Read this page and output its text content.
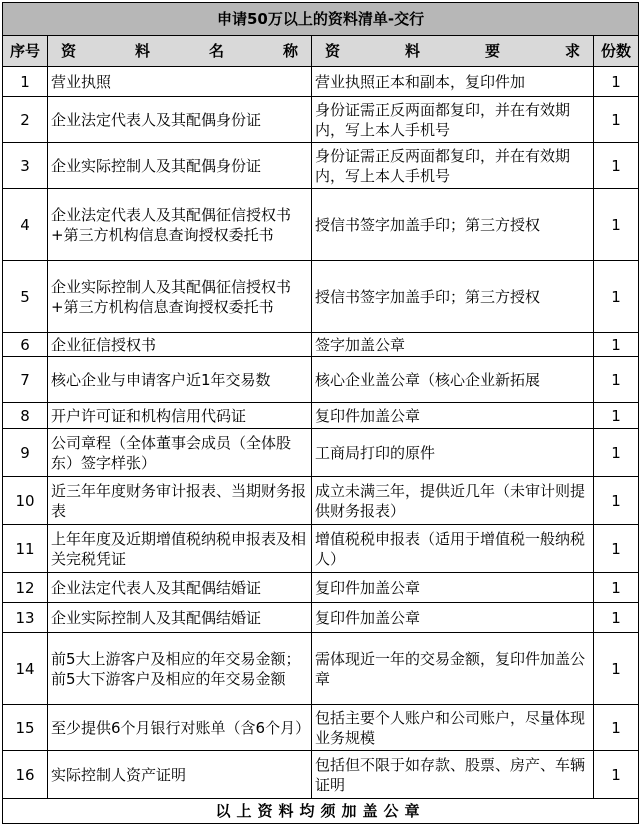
申请50万以上的资料清单-交行			
序号	资 料 名 称	资 料 要 求	份数
1	营业执照	营业执照正本和副本，复印件加	1
2	企业法定代表人及其配偶身份证	身份证需正反两面都复印，并在有效期内，写上本人手机号	1
3	企业实际控制人及其配偶身份证	身份证需正反两面都复印，并在有效期内，写上本人手机号	1
4	企业法定代表人及其配偶征信授权书+第三方机构信息查询授权委托书	授信书签字加盖手印；第三方授权	1
5	企业实际控制人及其配偶征信授权书+第三方机构信息查询授权委托书	授信书签字加盖手印；第三方授权	1
6	企业征信授权书	签字加盖公章	1
7	核心企业与申请客户近1年交易数	核心企业盖公章（核心企业新拓展	1
8	开户许可证和机构信用代码证	复印件加盖公章	1
9	公司章程（全体董事会成员（全体股东）签字样张）	工商局打印的原件	1
10	近三年年度财务审计报表、当期财务报表	成立未满三年，提供近几年（未审计则提供财务报表）	1
11	上年年度及近期增值税纳税申报表及相关完税凭证	增值税税申报表（适用于增值税一般纳税人）	1
12	企业法定代表人及其配偶结婚证	复印件加盖公章	1
13	企业实际控制人及其配偶结婚证	复印件加盖公章	1
14	前5大上游客户及相应的年交易金额；前5大下游客户及相应的年交易金额	需体现近一年的交易金额，复印件加盖公章	1
15	至少提供6个月银行对账单（含6个月）	包括主要个人账户和公司账户，尽量体现业务规模	1
16	实际控制人资产证明	包括但不限于如存款、股票、房产、车辆证明	1
以上资料均须加盖公章			
